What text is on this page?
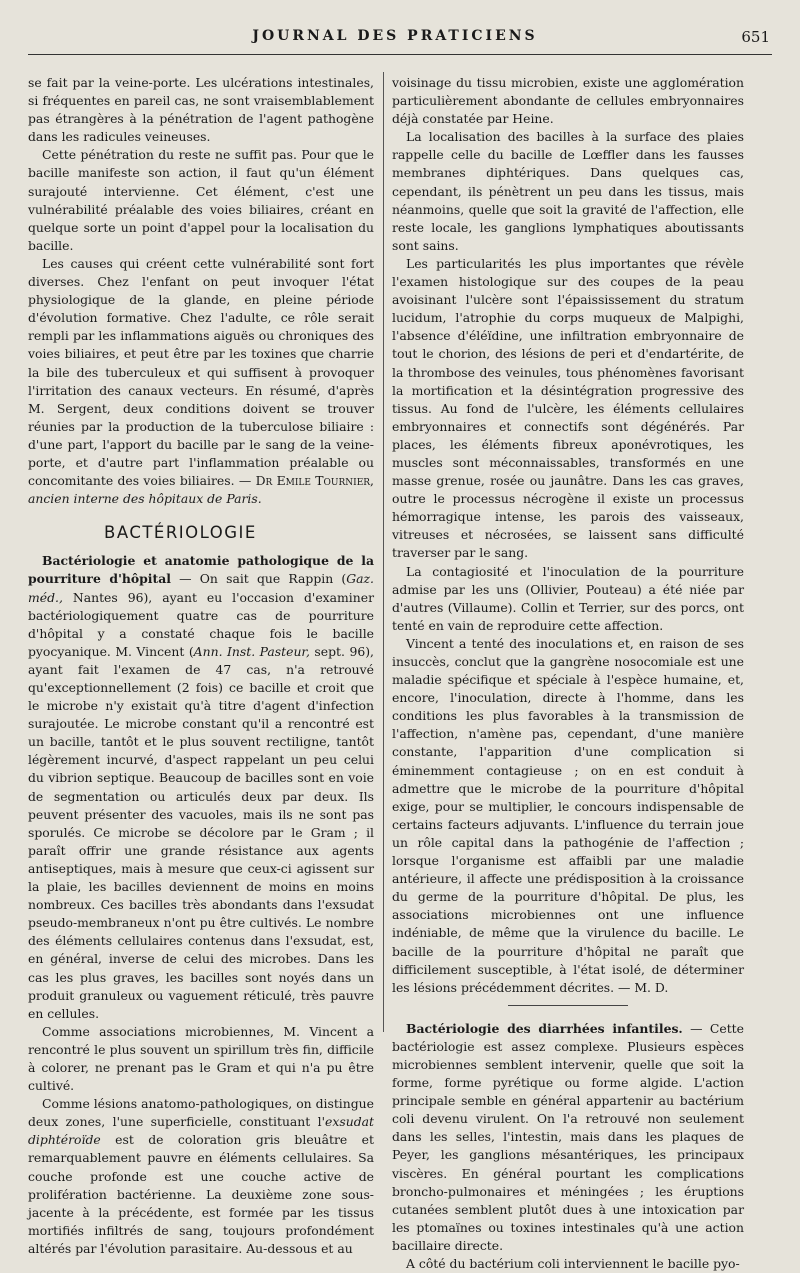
JOURNAL DES PRATICIENS	651

se fait par la veine-porte. Les ulcérations intestinales, si fréquentes en pareil cas, ne sont vraisemblablement pas étrangères à la pénétration de l'agent pathogène dans les radicules veineuses.

Cette pénétration du reste ne suffit pas. Pour que le bacille manifeste son action, il faut qu'un élément surajouté intervienne. Cet élément, c'est une vulnérabilité préalable des voies biliaires, créant en quelque sorte un point d'appel pour la localisation du bacille.

Les causes qui créent cette vulnérabilité sont fort diverses. Chez l'enfant on peut invoquer l'état physiologique de la glande, en pleine période d'évolution formative. Chez l'adulte, ce rôle serait rempli par les inflammations aiguës ou chroniques des voies biliaires, et peut être par les toxines que charrie la bile des tuberculeux et qui suffisent à provoquer l'irritation des canaux vecteurs. En résumé, d'après M. Sergent, deux conditions doivent se trouver réunies par la production de la tuberculose biliaire : d'une part, l'apport du bacille par le sang de la veine-porte, et d'autre part l'inflammation préalable ou concomitante des voies biliaires. — Dr Emile Tournier, ancien interne des hôpitaux de Paris.

BACTÉRIOLOGIE

Bactériologie et anatomie pathologique de la pourriture d'hôpital — On sait que Rappin (Gaz. méd., Nantes 96), ayant eu l'occasion d'examiner bactériologiquement quatre cas de pourriture d'hôpital y a constaté chaque fois le bacille pyocyanique. M. Vincent (Ann. Inst. Pasteur, sept. 96), ayant fait l'examen de 47 cas, n'a retrouvé qu'exceptionnellement (2 fois) ce bacille et croit que le microbe n'y existait qu'à titre d'agent d'infection surajoutée. Le microbe constant qu'il a rencontré est un bacille, tantôt et le plus souvent rectiligne, tantôt légèrement incurvé, d'aspect rappelant un peu celui du vibrion septique. Beaucoup de bacilles sont en voie de segmentation ou articulés deux par deux. Ils peuvent présenter des vacuoles, mais ils ne sont pas sporulés. Ce microbe se décolore par le Gram ; il paraît offrir une grande résistance aux agents antiseptiques, mais à mesure que ceux-ci agissent sur la plaie, les bacilles deviennent de moins en moins nombreux. Ces bacilles très abondants dans l'exsudat pseudo-membraneux n'ont pu être cultivés. Le nombre des éléments cellulaires contenus dans l'exsudat, est, en général, inverse de celui des microbes. Dans les cas les plus graves, les bacilles sont noyés dans un produit granuleux ou vaguement réticulé, très pauvre en cellules.

Comme associations microbiennes, M. Vincent a rencontré le plus souvent un spirillum très fin, difficile à colorer, ne prenant pas le Gram et qui n'a pu être cultivé.

Comme lésions anatomo-pathologiques, on distingue deux zones, l'une superficielle, constituant l'exsudat diphtéroïde est de coloration gris bleuâtre et remarquablement pauvre en éléments cellulaires. Sa couche profonde est une couche active de prolifération bactérienne. La deuxième zone sous-jacente à la précédente, est formée par les tissus mortifiés infiltrés de sang, toujours profondément altérés par l'évolution parasitaire. Au-dessous et au

voisinage du tissu microbien, existe une agglomération particulièrement abondante de cellules embryonnaires déjà constatée par Heine.

La localisation des bacilles à la surface des plaies rappelle celle du bacille de Lœffler dans les fausses membranes diphtériques. Dans quelques cas, cependant, ils pénètrent un peu dans les tissus, mais néanmoins, quelle que soit la gravité de l'affection, elle reste locale, les ganglions lymphatiques aboutissants sont sains.

Les particularités les plus importantes que révèle l'examen histologique sur des coupes de la peau avoisinant l'ulcère sont l'épaississement du stratum lucidum, l'atrophie du corps muqueux de Malpighi, l'absence d'éléïdine, une infiltration embryonnaire de tout le chorion, des lésions de peri et d'endartérite, de la thrombose des veinules, tous phénomènes favorisant la mortification et la désintégration progressive des tissus. Au fond de l'ulcère, les éléments cellulaires embryonnaires et connectifs sont dégénérés. Par places, les éléments fibreux aponévrotiques, les muscles sont méconnaissables, transformés en une masse grenue, rosée ou jaunâtre. Dans les cas graves, outre le processus nécrogène il existe un processus hémorragique intense, les parois des vaisseaux, vitreuses et nécrosées, se laissent sans difficulté traverser par le sang.

La contagiosité et l'inoculation de la pourriture admise par les uns (Ollivier, Pouteau) a été niée par d'autres (Villaume). Collin et Terrier, sur des porcs, ont tenté en vain de reproduire cette affection.

Vincent a tenté des inoculations et, en raison de ses insuccès, conclut que la gangrène nosocomiale est une maladie spécifique et spéciale à l'espèce humaine, et, encore, l'inoculation, directe à l'homme, dans les conditions les plus favorables à la transmission de l'affection, n'amène pas, cependant, d'une manière constante, l'apparition d'une complication si éminemment contagieuse ; on en est conduit à admettre que le microbe de la pourriture d'hôpital exige, pour se multiplier, le concours indispensable de certains facteurs adjuvants. L'influence du terrain joue un rôle capital dans la pathogénie de l'affection ; lorsque l'organisme est affaibli par une maladie antérieure, il affecte une prédisposition à la croissance du germe de la pourriture d'hôpital. De plus, les associations microbiennes ont une influence indéniable, de même que la virulence du bacille. Le bacille de la pourriture d'hôpital ne paraît que difficilement susceptible, à l'état isolé, de déterminer les lésions précédemment décrites. — M. D.

Bactériologie des diarrhées infantiles. — Cette bactériologie est assez complexe. Plusieurs espèces microbiennes semblent intervenir, quelle que soit la forme, forme pyrétique ou forme algide. L'action principale semble en général appartenir au bactérium coli devenu virulent. On l'a retrouvé non seulement dans les selles, l'intestin, mais dans les plaques de Peyer, les ganglions mésantériques, les principaux viscères. En général pourtant les complications broncho-pulmonaires et méningées ; les éruptions cutanées semblent plutôt dues à une intoxication par les ptomaïnes ou toxines intestinales qu'à une action bacillaire directe.

A côté du bactérium coli interviennent le bacille pyo-
